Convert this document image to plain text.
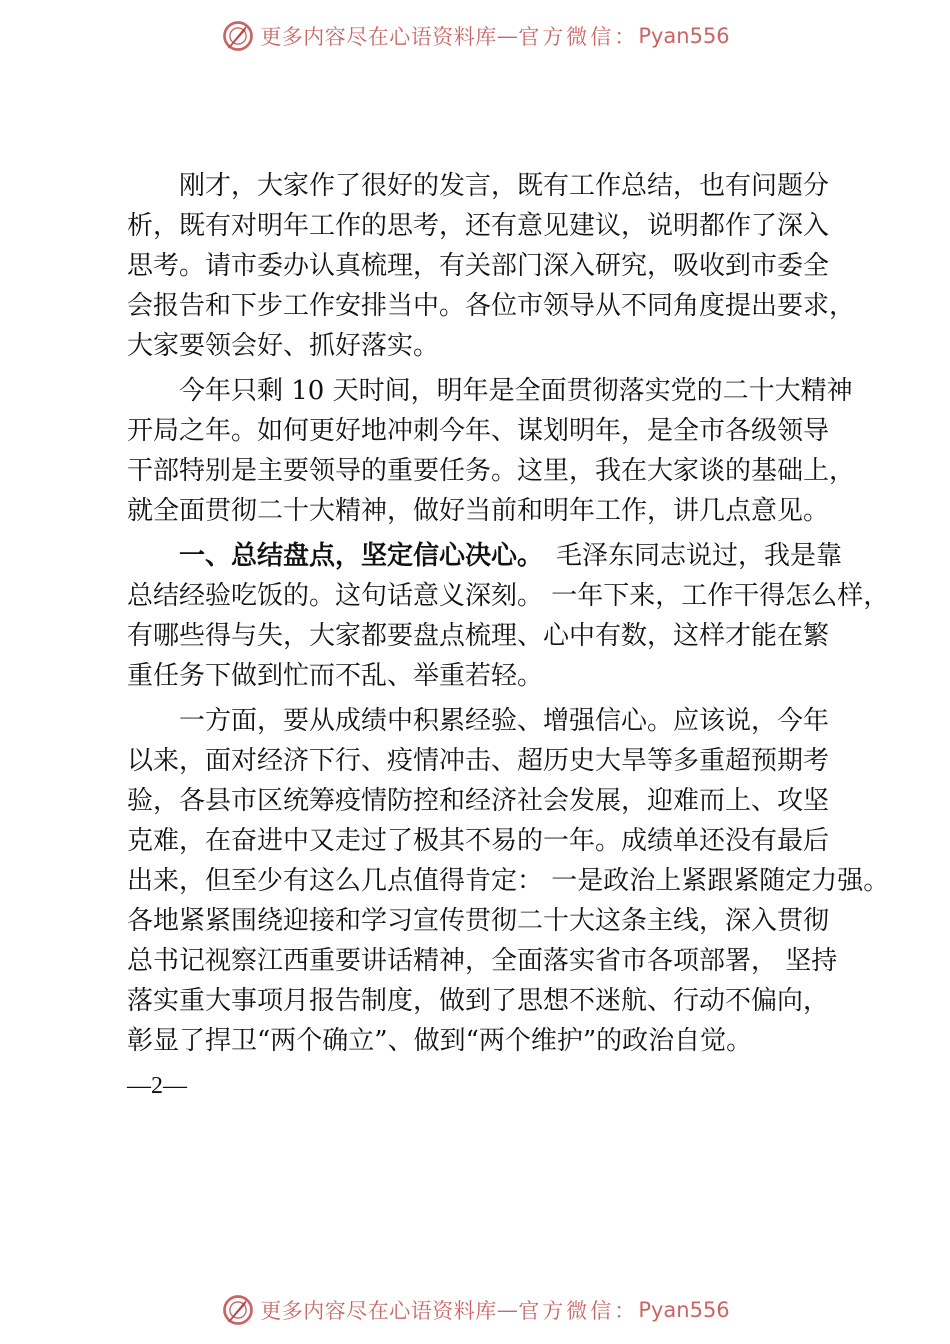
更多内容尽在心语资料库 — 官方微信： Pyan556

刚才，大家作了很好的发言，既有工作总结，也有问题分
析，既有对明年工作的思考，还有意见建议，说明都作了深入
思考。请市委办认真梳理，有关部门深入研究，吸收到市委全
会报告和下步工作安排当中。各位市领导从不同角度提出要求，
大家要领会好、抓好落实。

今年只剩 10 天时间，明年是全面贯彻落实党的二十大精神
开局之年。如何更好地冲刺今年、谋划明年，是全市各级领导
干部特别是主要领导的重要任务。这里，我在大家谈的基础上，
就全面贯彻二十大精神，做好当前和明年工作，讲几点意见。

一、总结盘点，坚定信心决心。　毛泽东同志说过，我是靠
总结经验吃饭的。这句话意义深刻。 一年下来，工作干得怎么样，
有哪些得与失，大家都要盘点梳理、心中有数，这样才能在繁
重任务下做到忙而不乱、举重若轻。

一方面，要从成绩中积累经验、增强信心。应该说，今年
以来，面对经济下行、疫情冲击、超历史大旱等多重超预期考
验，各县市区统筹疫情防控和经济社会发展，迎难而上、攻坚
克难，在奋进中又走过了极其不易的一年。成绩单还没有最后
出来，但至少有这么几点值得肯定： 一是政治上紧跟紧随定力强。
各地紧紧围绕迎接和学习宣传贯彻二十大这条主线，深入贯彻
总书记视察江西重要讲话精神，全面落实省市各项部署， 坚持
落实重大事项月报告制度，做到了思想不迷航、行动不偏向，
彰显了捍卫“两个确立”、做到“两个维护”的政治自觉。

—2—
更多内容尽在心语资料库 — 官方微信： Pyan556
